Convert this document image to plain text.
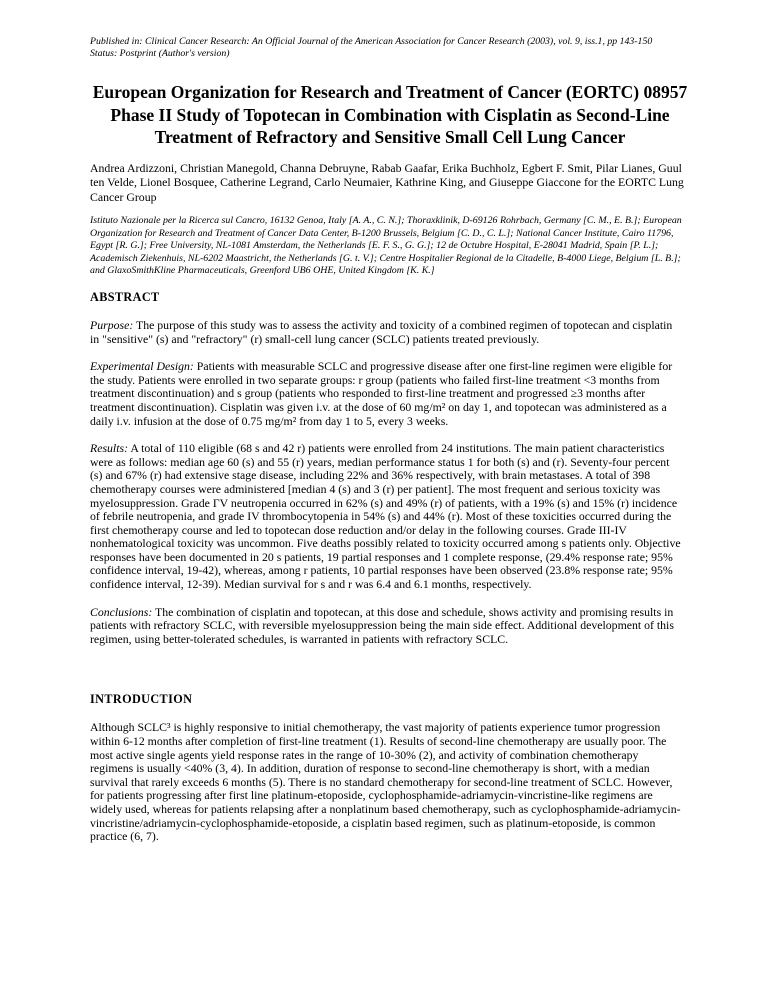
Published in: Clinical Cancer Research: An Official Journal of the American Association for Cancer Research (2003), vol. 9, iss.1, pp 143-150
Status: Postprint (Author's version)
European Organization for Research and Treatment of Cancer (EORTC) 08957 Phase II Study of Topotecan in Combination with Cisplatin as Second-Line Treatment of Refractory and Sensitive Small Cell Lung Cancer

Andrea Ardizzoni, Christian Manegold, Channa Debruyne, Rabab Gaafar, Erika Buchholz, Egbert F. Smit, Pilar Lianes, Guul ten Velde, Lionel Bosquee, Catherine Legrand, Carlo Neumaier, Kathrine King, and Giuseppe Giaccone for the EORTC Lung Cancer Group

Istituto Nazionale per la Ricerca sul Cancro, 16132 Genoa, Italy [A. A., C. N.]; Thoraxklinik, D-69126 Rohrbach, Germany [C. M., E. B.]; European Organization for Research and Treatment of Cancer Data Center, B-1200 Brussels, Belgium [C. D., C. L.]; National Cancer Institute, Cairo 11796, Egypt [R. G.]; Free University, NL-1081 Amsterdam, the Netherlands [E. F. S., G. G.]; 12 de Octubre Hospital, E-28041 Madrid, Spain [P. L.]; Academisch Ziekenhuis, NL-6202 Maastricht, the Netherlands [G. t. V.]; Centre Hospitalier Regional de la Citadelle, B-4000 Liege, Belgium [L. B.]; and GlaxoSmithKline Pharmaceuticals, Greenford UB6 OHE, United Kingdom [K. K.]

ABSTRACT

Purpose: The purpose of this study was to assess the activity and toxicity of a combined regimen of topotecan and cisplatin in "sensitive" (s) and "refractory" (r) small-cell lung cancer (SCLC) patients treated previously.

Experimental Design: Patients with measurable SCLC and progressive disease after one first-line regimen were eligible for the study. Patients were enrolled in two separate groups: r group (patients who failed first-line treatment <3 months from treatment discontinuation) and s group (patients who responded to first-line treatment and progressed ≥3 months after treatment discontinuation). Cisplatin was given i.v. at the dose of 60 mg/m² on day 1, and topotecan was administered as a daily i.v. infusion at the dose of 0.75 mg/m² from day 1 to 5, every 3 weeks.

Results: A total of 110 eligible (68 s and 42 r) patients were enrolled from 24 institutions. The main patient characteristics were as follows: median age 60 (s) and 55 (r) years, median performance status 1 for both (s) and (r). Seventy-four percent (s) and 67% (r) had extensive stage disease, including 22% and 36% respectively, with brain metastases. A total of 398 chemotherapy courses were administered [median 4 (s) and 3 (r) per patient]. The most frequent and serious toxicity was myelosuppression. Grade ΓV neutropenia occurred in 62% (s) and 49% (r) of patients, with a 19% (s) and 15% (r) incidence of febrile neutropenia, and grade IV thrombocytopenia in 54% (s) and 44% (r). Most of these toxicities occurred during the first chemotherapy course and led to topotecan dose reduction and/or delay in the following courses. Grade III-IV nonhematological toxicity was uncommon. Five deaths possibly related to toxicity occurred among s patients only. Objective responses have been documented in 20 s patients, 19 partial responses and 1 complete response, (29.4% response rate; 95% confidence interval, 19-42), whereas, among r patients, 10 partial responses have been observed (23.8% response rate; 95% confidence interval, 12-39). Median survival for s and r was 6.4 and 6.1 months, respectively.

Conclusions: The combination of cisplatin and topotecan, at this dose and schedule, shows activity and promising results in patients with refractory SCLC, with reversible myelosuppression being the main side effect. Additional development of this regimen, using better-tolerated schedules, is warranted in patients with refractory SCLC.

INTRODUCTION

Although SCLC³ is highly responsive to initial chemotherapy, the vast majority of patients experience tumor progression within 6-12 months after completion of first-line treatment (1). Results of second-line chemotherapy are usually poor. The most active single agents yield response rates in the range of 10-30% (2), and activity of combination chemotherapy regimens is usually <40% (3, 4). In addition, duration of response to second-line chemotherapy is short, with a median survival that rarely exceeds 6 months (5). There is no standard chemotherapy for second-line treatment of SCLC. However, for patients progressing after first line platinum-etoposide, cyclophosphamide-adriamycin-vincristine-like regimens are widely used, whereas for patients relapsing after a nonplatinum based chemotherapy, such as cyclophosphamide-adriamycin-vincristine/adriamycin-cyclophosphamide-etoposide, a cisplatin based regimen, such as platinum-etoposide, is common practice (6, 7).
